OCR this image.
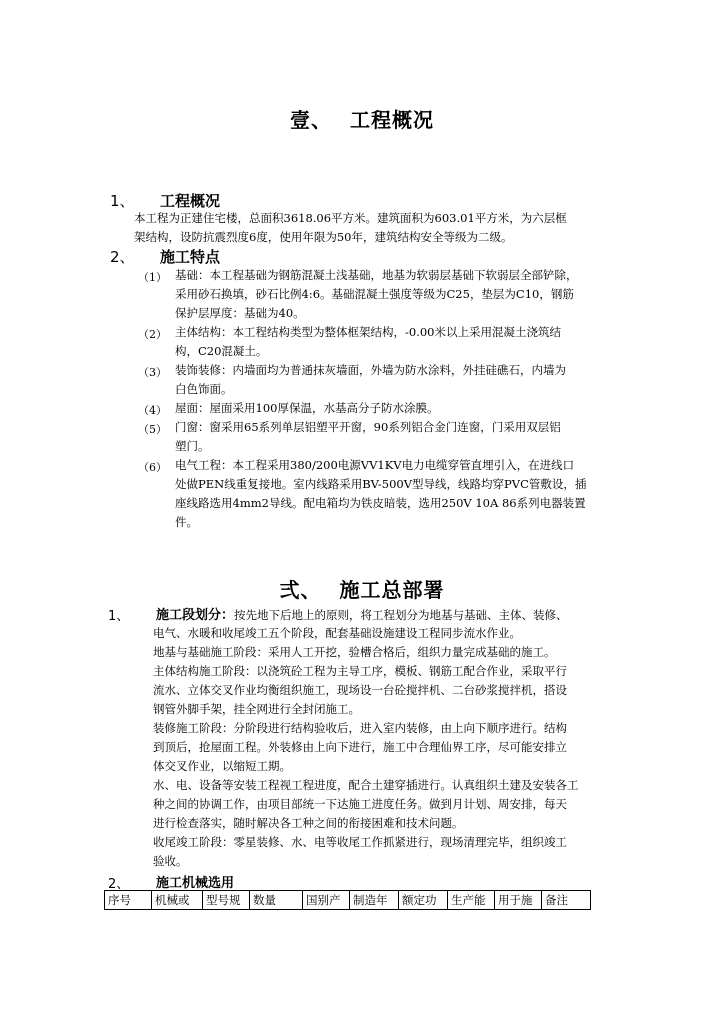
壹、 工程概况
1、 工程概况
本工程为正建住宅楼，总面积3618.06平方米。建筑面积为603.01平方米，为六层框
架结构，设防抗震烈度6度，使用年限为50年，建筑结构安全等级为二级。
2、 施工特点
（1） 基础：本工程基础为钢筋混凝土浅基础，地基为软弱层基础下软弱层全部铲除，
采用砂石换填，砂石比例4:6。基础混凝土强度等级为C25，垫层为C10，钢筋
保护层厚度：基础为40。
（2） 主体结构：本工程结构类型为整体框架结构，-0.00米以上采用混凝土浇筑结
构，C20混凝土。
（3） 装饰装修：内墙面均为普通抹灰墙面，外墙为防水涂料，外挂硅礁石，内墙为
白色饰面。
（4） 屋面：屋面采用100厚保温，水基高分子防水涂膜。
（5） 门窗：窗采用65系列单层铝塑平开窗，90系列铝合金门连窗，门采用双层铝
塑门。
（6） 电气工程：本工程采用380/200电源VV1KV电力电缆穿管直埋引入，在进线口
处做PEN线重复接地。室内线路采用BV-500V型导线，线路均穿PVC管敷设，插
座线路选用4mm2导线。配电箱均为铁皮暗装，选用250V 10A 86系列电器装置
件。
弍、 施工总部署
1、 施工段划分：按先地下后地上的原则，将工程划分为地基与基础、主体、装修、
电气、水暖和收尾竣工五个阶段，配套基础设施建设工程同步流水作业。
地基与基础施工阶段：采用人工开挖，验槽合格后，组织力量完成基础的施工。
主体结构施工阶段：以浇筑砼工程为主导工序，模板、钢筋工配合作业，采取平行
流水、立体交叉作业均衡组织施工，现场设一台砼搅拌机、二台砂浆搅拌机，搭设
钢管外脚手架，挂全网进行全封闭施工。
装修施工阶段：分阶段进行结构验收后，进入室内装修，由上向下顺序进行。结构
到顶后，抢屋面工程。外装修由上向下进行，施工中合理仙界工序，尽可能安排立
体交叉作业，以缩短工期。
水、电、设备等安装工程视工程进度，配合土建穿插进行。认真组织土建及安装各工
种之间的协调工作，由项目部统一下达施工进度任务。做到月计划、周安排，每天
进行检查落实，随时解决各工种之间的衔接困难和技术问题。
收尾竣工阶段：零星装修、水、电等收尾工作抓紧进行，现场清理完毕，组织竣工
验收。
2、 施工机械选用
序号	机械或	型号规	数量	国别产	制造年	额定功	生产能	用于施	备注
